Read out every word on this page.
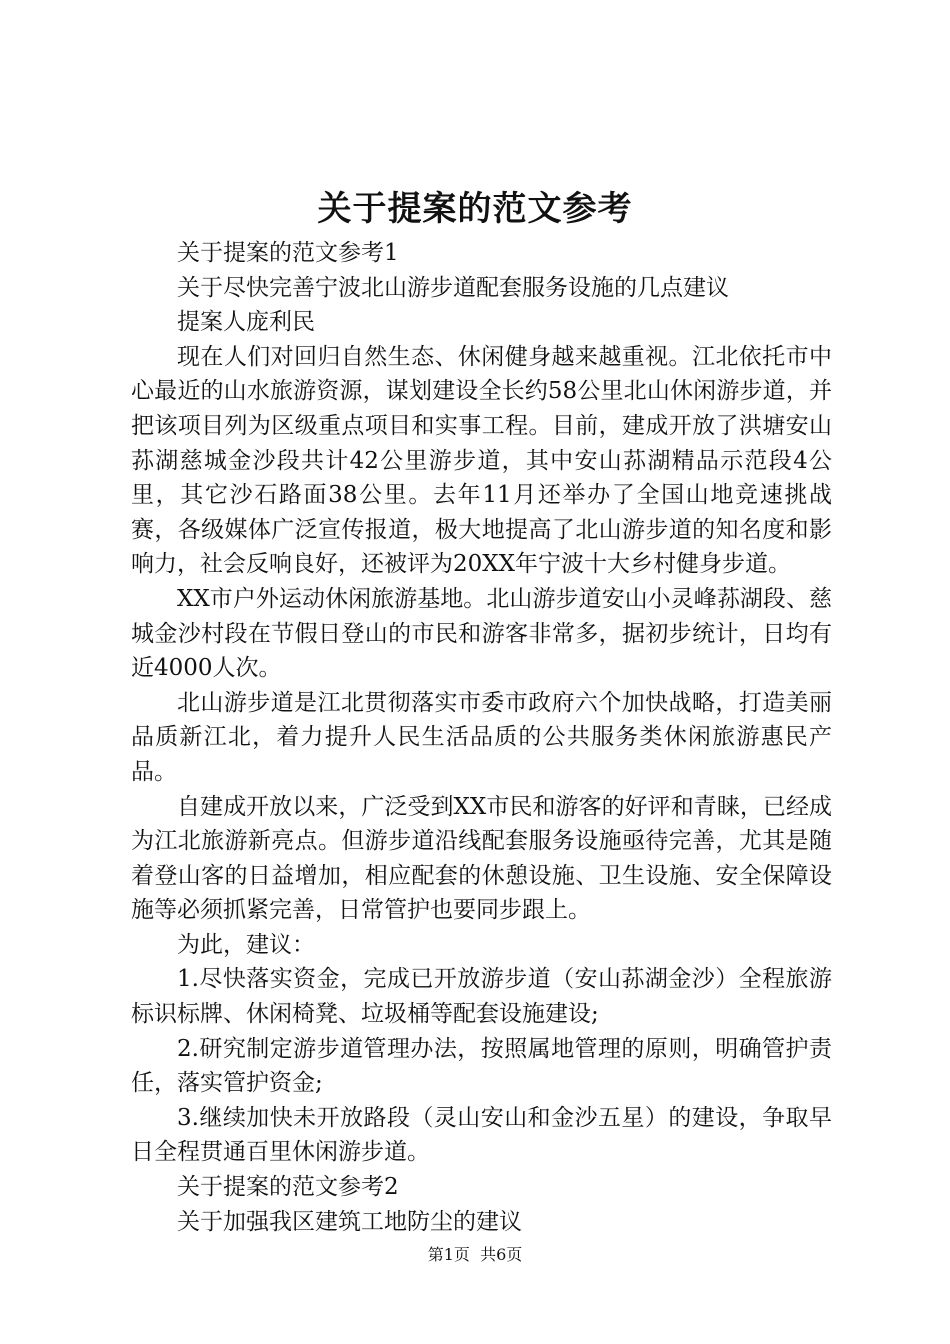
关于提案的范文参考

关于提案的范文参考1

关于尽快完善宁波北山游步道配套服务设施的几点建议

提案人庞利民

现在人们对回归自然生态、休闲健身越来越重视。江北依托市中心最近的山水旅游资源，谋划建设全长约58公里北山休闲游步道，并把该项目列为区级重点项目和实事工程。目前，建成开放了洪塘安山荪湖慈城金沙段共计42公里游步道，其中安山荪湖精品示范段4公里，其它沙石路面38公里。去年11月还举办了全国山地竞速挑战赛，各级媒体广泛宣传报道，极大地提高了北山游步道的知名度和影响力，社会反响良好，还被评为20XX年宁波十大乡村健身步道。

XX市户外运动休闲旅游基地。北山游步道安山小灵峰荪湖段、慈城金沙村段在节假日登山的市民和游客非常多，据初步统计，日均有近4000人次。

北山游步道是江北贯彻落实市委市政府六个加快战略，打造美丽品质新江北，着力提升人民生活品质的公共服务类休闲旅游惠民产品。

自建成开放以来，广泛受到XX市民和游客的好评和青睐，已经成为江北旅游新亮点。但游步道沿线配套服务设施亟待完善，尤其是随着登山客的日益增加，相应配套的休憩设施、卫生设施、安全保障设施等必须抓紧完善，日常管护也要同步跟上。

为此，建议：

1.尽快落实资金，完成已开放游步道（安山荪湖金沙）全程旅游标识标牌、休闲椅凳、垃圾桶等配套设施建设;

2.研究制定游步道管理办法，按照属地管理的原则，明确管护责任，落实管护资金;

3.继续加快未开放路段（灵山安山和金沙五星）的建设，争取早日全程贯通百里休闲游步道。

关于提案的范文参考2

关于加强我区建筑工地防尘的建议

第1页  共6页
